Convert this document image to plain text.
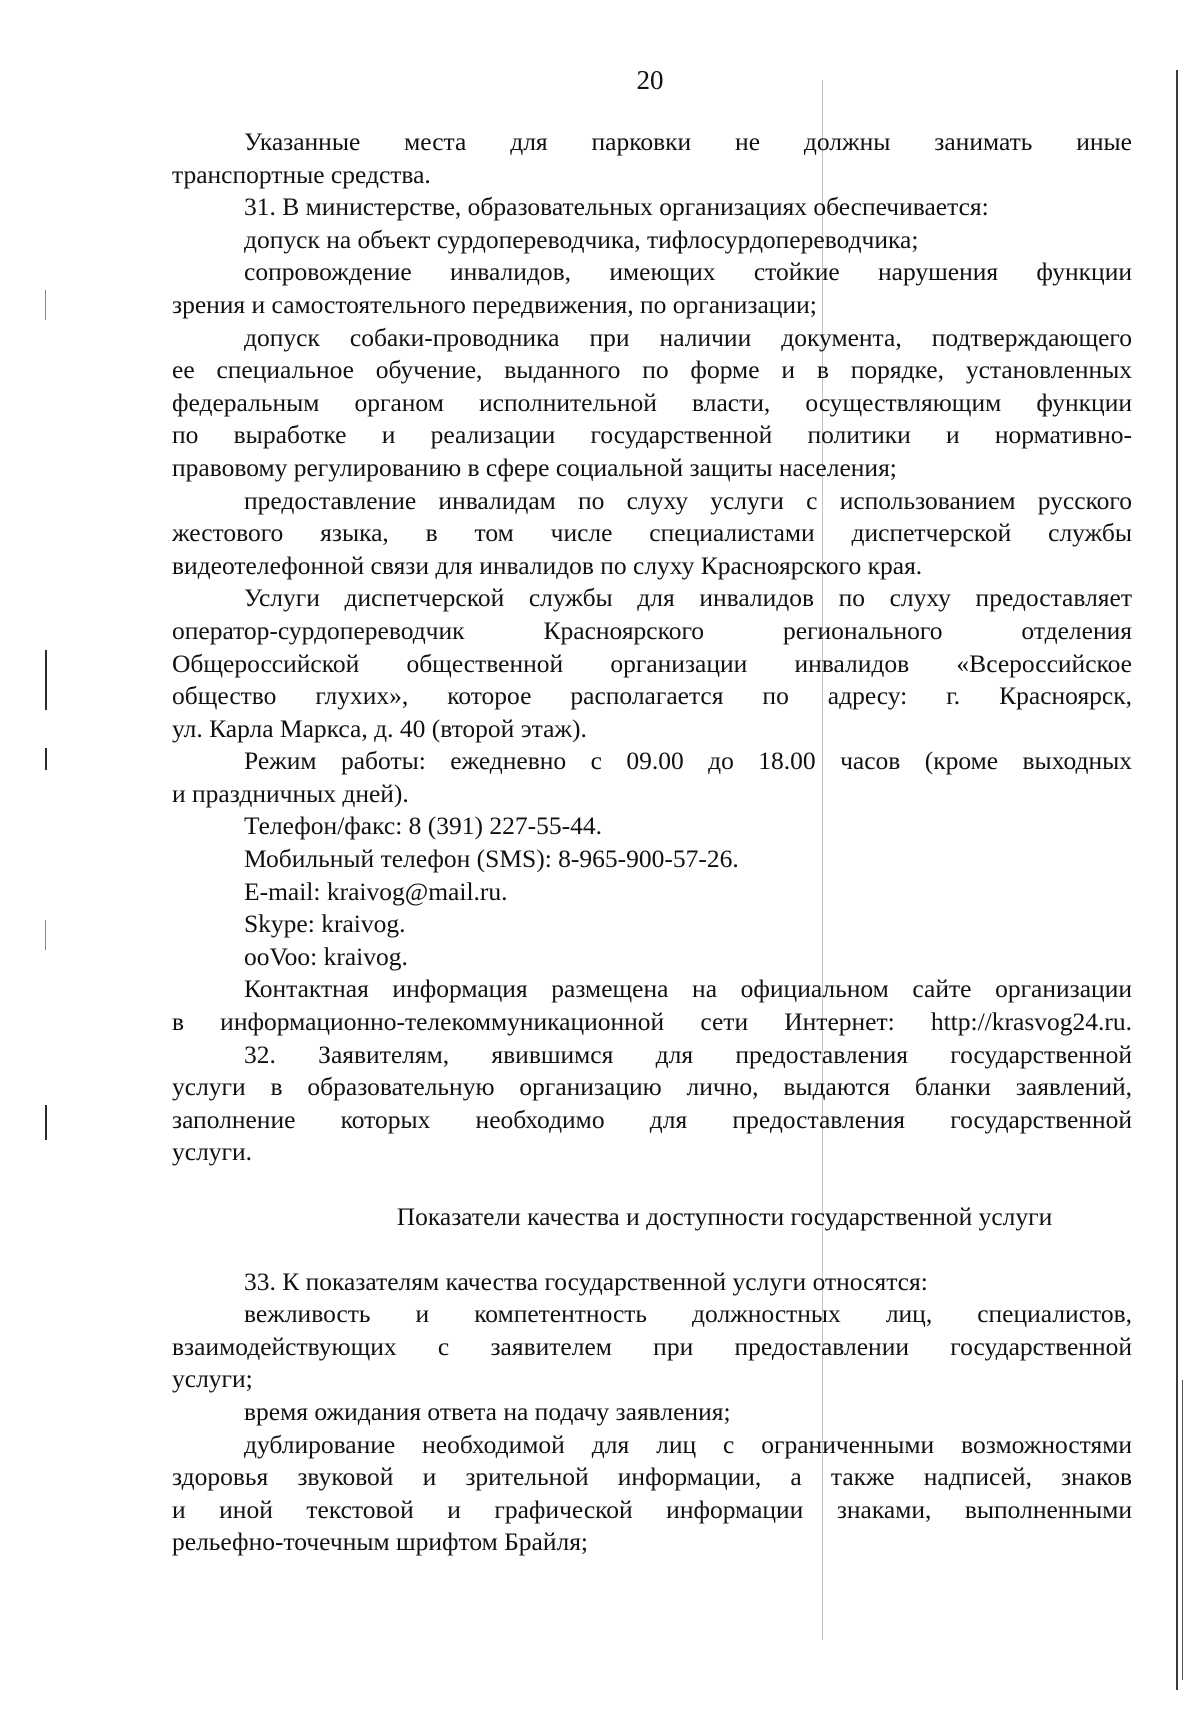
20
Указанные места для парковки не должны занимать иные
транспортные средства.
31. В министерстве, образовательных организациях обеспечивается:
допуск на объект сурдопереводчика, тифлосурдопереводчика;
сопровождение инвалидов, имеющих стойкие нарушения функции
зрения и самостоятельного передвижения, по организации;
допуск собаки-проводника при наличии документа, подтверждающего
ее специальное обучение, выданного по форме и в порядке, установленных
федеральным органом исполнительной власти, осуществляющим функции
по выработке и реализации государственной политики и нормативно-
правовому регулированию в сфере социальной защиты населения;
предоставление инвалидам по слуху услуги с использованием русского
жестового языка, в том числе специалистами диспетчерской службы
видеотелефонной связи для инвалидов по слуху Красноярского края.
Услуги диспетчерской службы для инвалидов по слуху предоставляет
оператор-сурдопереводчик Красноярского регионального отделения
Общероссийской общественной организации инвалидов «Всероссийское
общество глухих», которое располагается по адресу: г. Красноярск,
ул. Карла Маркса, д. 40 (второй этаж).
Режим работы: ежедневно с 09.00 до 18.00 часов (кроме выходных
и праздничных дней).
Телефон/факс: 8 (391) 227-55-44.
Мобильный телефон (SMS): 8-965-900-57-26.
E-mail: kraivog@mail.ru.
Skype: kraivog.
ooVoo: kraivog.
Контактная информация размещена на официальном сайте организации
в информационно-телекоммуникационной сети Интернет: http://krasvog24.ru.
32. Заявителям, явившимся для предоставления государственной
услуги в образовательную организацию лично, выдаются бланки заявлений,
заполнение которых необходимо для предоставления государственной
услуги.
Показатели качества и доступности государственной услуги
33. К показателям качества государственной услуги относятся:
вежливость и компетентность должностных лиц, специалистов,
взаимодействующих с заявителем при предоставлении государственной
услуги;
время ожидания ответа на подачу заявления;
дублирование необходимой для лиц с ограниченными возможностями
здоровья звуковой и зрительной информации, а также надписей, знаков
и иной текстовой и графической информации знаками, выполненными
рельефно-точечным шрифтом Брайля;
